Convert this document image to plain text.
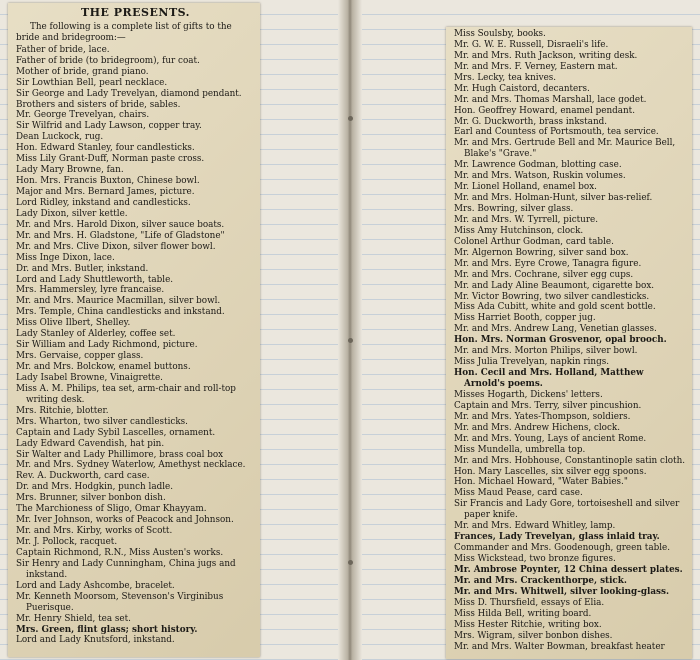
THE PRESENTS.

The following is a complete list of gifts to the bride and bridegroom:—

Father of bride, lace.

Father of bride (to bridegroom), fur coat.

Mother of bride, grand piano.

Sir Lowthian Bell, pearl necklace.

Sir George and Lady Trevelyan, diamond pendant.

Brothers and sisters of bride, sables.

Mr. George Trevelyan, chairs.

Sir Wilfrid and Lady Lawson, copper tray.

Dean Luckock, rug.

Hon. Edward Stanley, four candlesticks.

Miss Lily Grant-Duff, Norman paste cross.

Lady Mary Browne, fan.

Hon. Mrs. Francis Buxton, Chinese bowl.

Major and Mrs. Bernard James, picture.

Lord Ridley, inkstand and candlesticks.

Lady Dixon, silver kettle.

Mr. and Mrs. Harold Dixon, silver sauce boats.

Mr. and Mrs. H. Gladstone, "Life of Gladstone"

Mr. and Mrs. Clive Dixon, silver flower bowl.

Miss Inge Dixon, lace.

Dr. and Mrs. Butler, inkstand.

Lord and Lady Shuttleworth, table.

Mrs. Hammersley, lyre francaise.

Mr. and Mrs. Maurice Macmillan, silver bowl.

Mrs. Temple, China candlesticks and inkstand.

Miss Olive Ilbert, Shelley.

Lady Stanley of Alderley, coffee set.

Sir William and Lady Richmond, picture.

Mrs. Gervaise, copper glass.

Mr. and Mrs. Bolckow, enamel buttons.

Lady Isabel Browne, Vinaigrette.

Miss A. M. Philips, tea set, arm-chair and roll-top writing desk.

Mrs. Ritchie, blotter.

Mrs. Wharton, two silver candlesticks.

Captain and Lady Sybil Lascelles, ornament.

Lady Edward Cavendish, hat pin.

Sir Walter and Lady Phillimore, brass coal box

Mr. and Mrs. Sydney Waterlow, Amethyst necklace.

Rev. A. Duckworth, card case.

Dr. and Mrs. Hodgkin, punch ladle.

Mrs. Brunner, silver bonbon dish.

The Marchioness of Sligo, Omar Khayyam.

Mr. Iver Johnson, works of Peacock and Johnson.

Mr. and Mrs. Kirby, works of Scott.

Mr. J. Pollock, racquet.

Captain Richmond, R.N., Miss Austen's works.

Sir Henry and Lady Cunningham, China jugs and inkstand.

Lord and Lady Ashcombe, bracelet.

Mr. Kenneth Moorsom, Stevenson's Virginibus Puerisque.

Mr. Henry Shield, tea set.

Mrs. Green, flint glass; short history.

Lord and Lady Knutsford, inkstand.

Miss Soulsby, books.

Mr. G. W. E. Russell, Disraeli's life.

Mr. and Mrs. Ruth Jackson, writing desk.

Mr. and Mrs. F. Verney, Eastern mat.

Mrs. Lecky, tea knives.

Mr. Hugh Caistord, decanters.

Mr. and Mrs. Thomas Marshall, lace godet.

Hon. Geoffrey Howard, enamel pendant.

Mr. G. Duckworth, brass inkstand.

Earl and Countess of Portsmouth, tea service.

Mr. and Mrs. Gertrude Bell and Mr. Maurice Bell, Blake's "Grave."

Mr. Lawrence Godman, blotting case.

Mr. and Mrs. Watson, Ruskin volumes.

Mr. Lionel Holland, enamel box.

Mr. and Mrs. Holman-Hunt, silver bas-relief.

Mrs. Bowring, silver glass.

Mr. and Mrs. W. Tyrrell, picture.

Miss Amy Hutchinson, clock.

Colonel Arthur Godman, card table.

Mr. Algernon Bowring, silver sand box.

Mr. and Mrs. Eyre Crowe, Tanagra figure.

Mr. and Mrs. Cochrane, silver egg cups.

Mr. and Lady Aline Beaumont, cigarette box.

Mr. Victor Bowring, two silver candlesticks.

Miss Ada Cubitt, white and gold scent bottle.

Miss Harriet Booth, copper jug.

Mr. and Mrs. Andrew Lang, Venetian glasses.

Hon. Mrs. Norman Grosvenor, opal brooch.

Mr. and Mrs. Morton Philips, silver bowl.

Miss Julia Trevelyan, napkin rings.

Hon. Cecil and Mrs. Holland, Matthew Arnold's poems.

Misses Hogarth, Dickens' letters.

Captain and Mrs. Terry, silver pincushion.

Mr. and Mrs. Yates-Thompson, soldiers.

Mr. and Mrs. Andrew Hichens, clock.

Mr. and Mrs. Young, Lays of ancient Rome.

Miss Mundella, umbrella top.

Mr. and Mrs. Hobhouse, Constantinople satin cloth.

Hon. Mary Lascelles, six silver egg spoons.

Hon. Michael Howard, "Water Babies."

Miss Maud Pease, card case.

Sir Francis and Lady Gore, tortoiseshell and silver paper knife.

Mr. and Mrs. Edward Whitley, lamp.

Frances, Lady Trevelyan, glass inlaid tray.

Commander and Mrs. Goodenough, green table.

Miss Wickstead, two bronze figures.

Mr. Ambrose Poynter, 12 China dessert plates.

Mr. and Mrs. Crackenthorpe, stick.

Mr. and Mrs. Whitwell, silver looking-glass.

Miss D. Thursfield, essays of Elia.

Miss Hilda Bell, writing board.

Miss Hester Ritchie, writing box.

Mrs. Wigram, silver bonbon dishes.

Mr. and Mrs. Walter Bowman, breakfast heater
